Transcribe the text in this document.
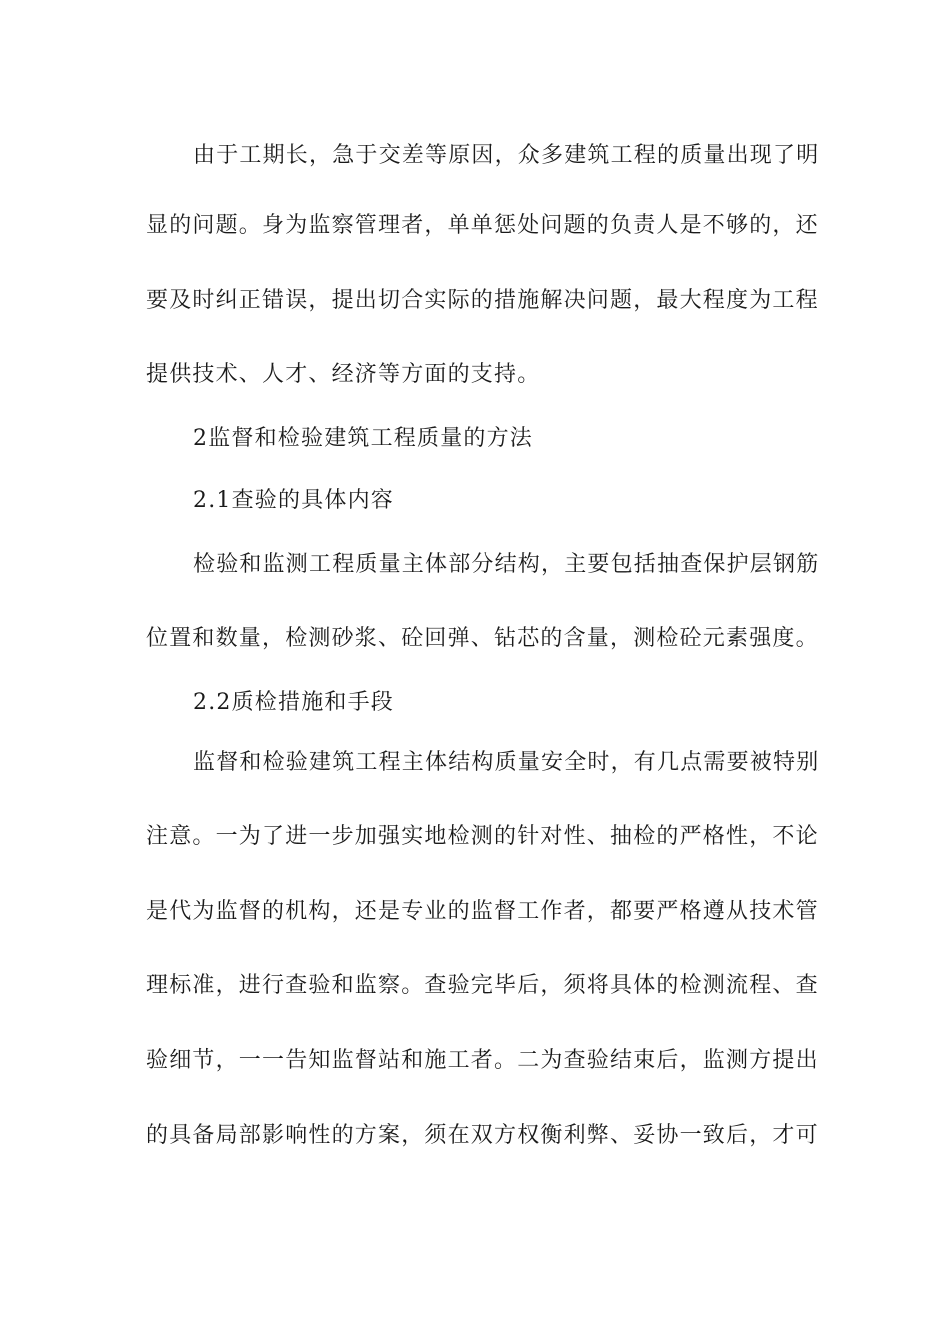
由于工期长，急于交差等原因，众多建筑工程的质量出现了明
显的问题。身为监察管理者，单单惩处问题的负责人是不够的，还
要及时纠正错误，提出切合实际的措施解决问题，最大程度为工程
提供技术、人才、经济等方面的支持。
2监督和检验建筑工程质量的方法
2.1查验的具体内容
检验和监测工程质量主体部分结构，主要包括抽查保护层钢筋
位置和数量，检测砂浆、砼回弹、钻芯的含量，测检砼元素强度。
2.2质检措施和手段
监督和检验建筑工程主体结构质量安全时，有几点需要被特别
注意。一为了进一步加强实地检测的针对性、抽检的严格性，不论
是代为监督的机构，还是专业的监督工作者，都要严格遵从技术管
理标准，进行查验和监察。查验完毕后，须将具体的检测流程、查
验细节，一一告知监督站和施工者。二为查验结束后，监测方提出
的具备局部影响性的方案，须在双方权衡利弊、妥协一致后，才可
